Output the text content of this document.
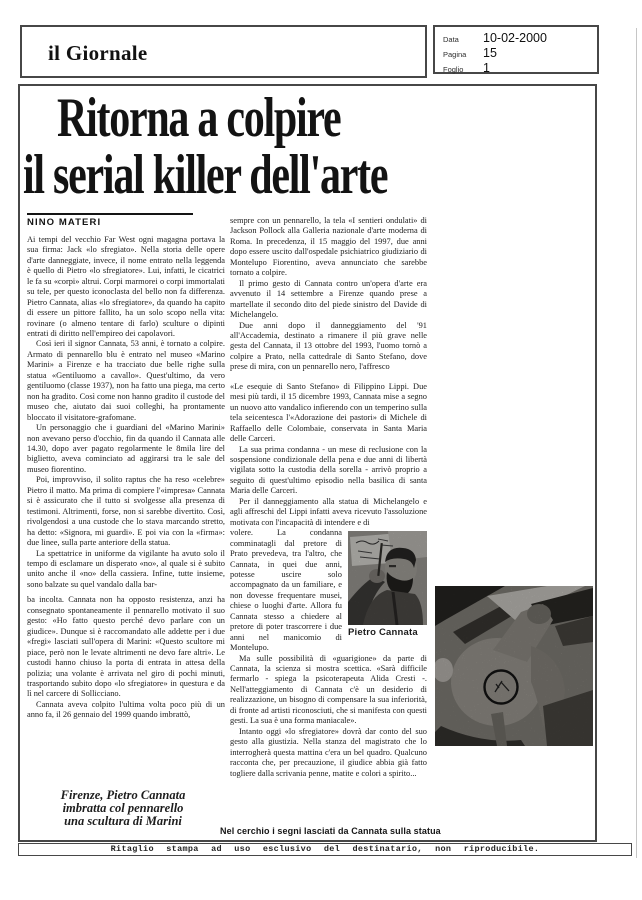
il Giornale
Data	10-02-2000
Pagina	15
Foglio	1
Ritorna a colpire
il serial killer dell'arte
NINO MATERI

Ai tempi del vecchio Far West ogni magagna portava la sua firma: Jack «lo sfregiato». Nella storia delle opere d'arte danneggiate, invece, il nome entrato nella leggenda è quello di Pietro «lo sfregiatore». Lui, infatti, le cicatrici le fa su «corpi» altrui. Corpi marmorei o corpi immortalati su tele, per questo iconoclasta del bello non fa differenza. Pietro Cannata, alias «lo sfregiatore», da quando ha capito di essere un pittore fallito, ha un solo scopo nella vita: rovinare (o almeno tentare di farlo) sculture o dipinti entrati di diritto nell'empireo dei capolavori.

Così ieri il signor Cannata, 53 anni, è tornato a colpire. Armato di pennarello blu è entrato nel museo «Marino Marini» a Firenze e ha tracciato due belle righe sulla statua «Gentiluomo a cavallo». Quest'ultimo, da vero gentiluomo (classe 1937), non ha fatto una piega, ma certo non ha gradito. Così come non hanno gradito il custode del museo che, aiutato dai suoi colleghi, ha prontamente bloccato il visitatore-grafomane.

Un personaggio che i guardiani del «Marino Marini» non avevano perso d'occhio, fin da quando il Cannata alle 14.30, dopo aver pagato regolarmente le 8mila lire del biglietto, aveva cominciato ad aggirarsi tra le sale del museo fiorentino.

Poi, improvviso, il solito raptus che ha reso «celebre» Pietro il matto. Ma prima di compiere l'«impresa» Cannata si è assicurato che il tutto si svolgesse alla presenza di testimoni. Altrimenti, forse, non si sarebbe divertito. Così, rivolgendosi a una custode che lo stava marcando stretto, ha detto: «Signora, mi guardi». E poi via con la «firma»: due linee, sulla parte anteriore della statua.

La spettatrice in uniforme da vigilante ha avuto solo il tempo di esclamare un disperato «no», al quale si è subito unito anche il «no» della cassiera. Infine, tutte insieme, sono balzate su quel vandalo dalla bar-

ba incolta. Cannata non ha opposto resistenza, anzi ha consegnato spontaneamente il pennarello motivato il suo gesto: «Ho fatto questo perché devo parlare con un giudice». Dunque si è raccomandato alle addette per i due «fregi» lasciati sull'opera di Marini: «Questo scultore mi piace, però non le levate altrimenti ne devo fare altri». Le custodi hanno chiuso la porta di entrata in attesa della polizia; una volante è arrivata nel giro di pochi minuti, trasportando subito dopo «lo sfregiatore» in questura e da lì nel carcere di Sollicciano.

Cannata aveva colpito l'ultima volta poco più di un anno fa, il 26 gennaio del 1999 quando imbrattò,

sempre con un pennarello, la tela «I sentieri ondulati» di Jackson Pollock alla Galleria nazionale d'arte moderna di Roma. In precedenza, il 15 maggio del 1997, due anni dopo essere uscito dall'ospedale psichiatrico giudiziario di Montelupo Fiorentino, aveva annunciato che sarebbe tornato a colpire.

Il primo gesto di Cannata contro un'opera d'arte era avvenuto il 14 settembre a Firenze quando prese a martellate il secondo dito del piede sinistro del Davide di Michelangelo.

Due anni dopo il danneggiamento del '91 all'Accademia, destinato a rimanere il più grave nelle gesta del Cannata, il 13 ottobre del 1993, l'uomo tornò a colpire a Prato, nella cattedrale di Santo Stefano, dove prese di mira, con un pennarello nero, l'affresco

«Le esequie di Santo Stefano» di Filippino Lippi. Due mesi più tardi, il 15 dicembre 1993, Cannata mise a segno un nuovo atto vandalico infierendo con un temperino sulla tela seicentesca l'«Adorazione dei pastori» di Michele di Raffaello delle Colombaie, conservata in Santa Maria delle Carceri.

La sua prima condanna - un mese di reclusione con la sospensione condizionale della pena e due anni di libertà vigilata sotto la custodia della sorella - arrivò proprio a seguito di quest'ultimo episodio nella basilica di santa Maria delle Carceri.

Per il danneggiamento alla statua di Michelangelo e agli affreschi del Lippi infatti aveva ricevuto l'assoluzione motivata con l'incapacità di intendere e di

Pietro Cannata

volere. La condanna comminatagli dal pretore di Prato prevedeva, tra l'altro, che Cannata, in quei due anni, potesse uscire solo accompagnato da un familiare, e non dovesse frequentare musei, chiese o luoghi d'arte. Allora fu Cannata stesso a chiedere al pretore di poter trascorrere i due anni nel manicomio di Montelupo.

Ma sulle possibilità di «guarigione» da parte di Cannata, la scienza si mostra scettica. «Sarà difficile fermarlo - spiega la psicoterapeuta Alida Cresti -. Nell'atteggiamento di Cannata c'è un desiderio di realizzazione, un bisogno di compensare la sua inferiorità, di fronte ad artisti riconosciuti, che si manifesta con questi gesti. La sua è una forma maniacale».

Intanto oggi «lo sfregiatore» dovrà dar conto del suo gesto alla giustizia. Nella stanza del magistrato che lo interrogherà questa mattina c'era un bel quadro. Qualcuno racconta che, per precauzione, il giudice abbia già fatto togliere dalla scrivania penne, matite e colori a spirito...

Firenze, Pietro Cannata
imbratta col pennarello
una scultura di Marini
Nel cerchio i segni lasciati da Cannata sulla statua
Ritaglio stampa ad uso esclusivo del destinatario, non riproducibile.
